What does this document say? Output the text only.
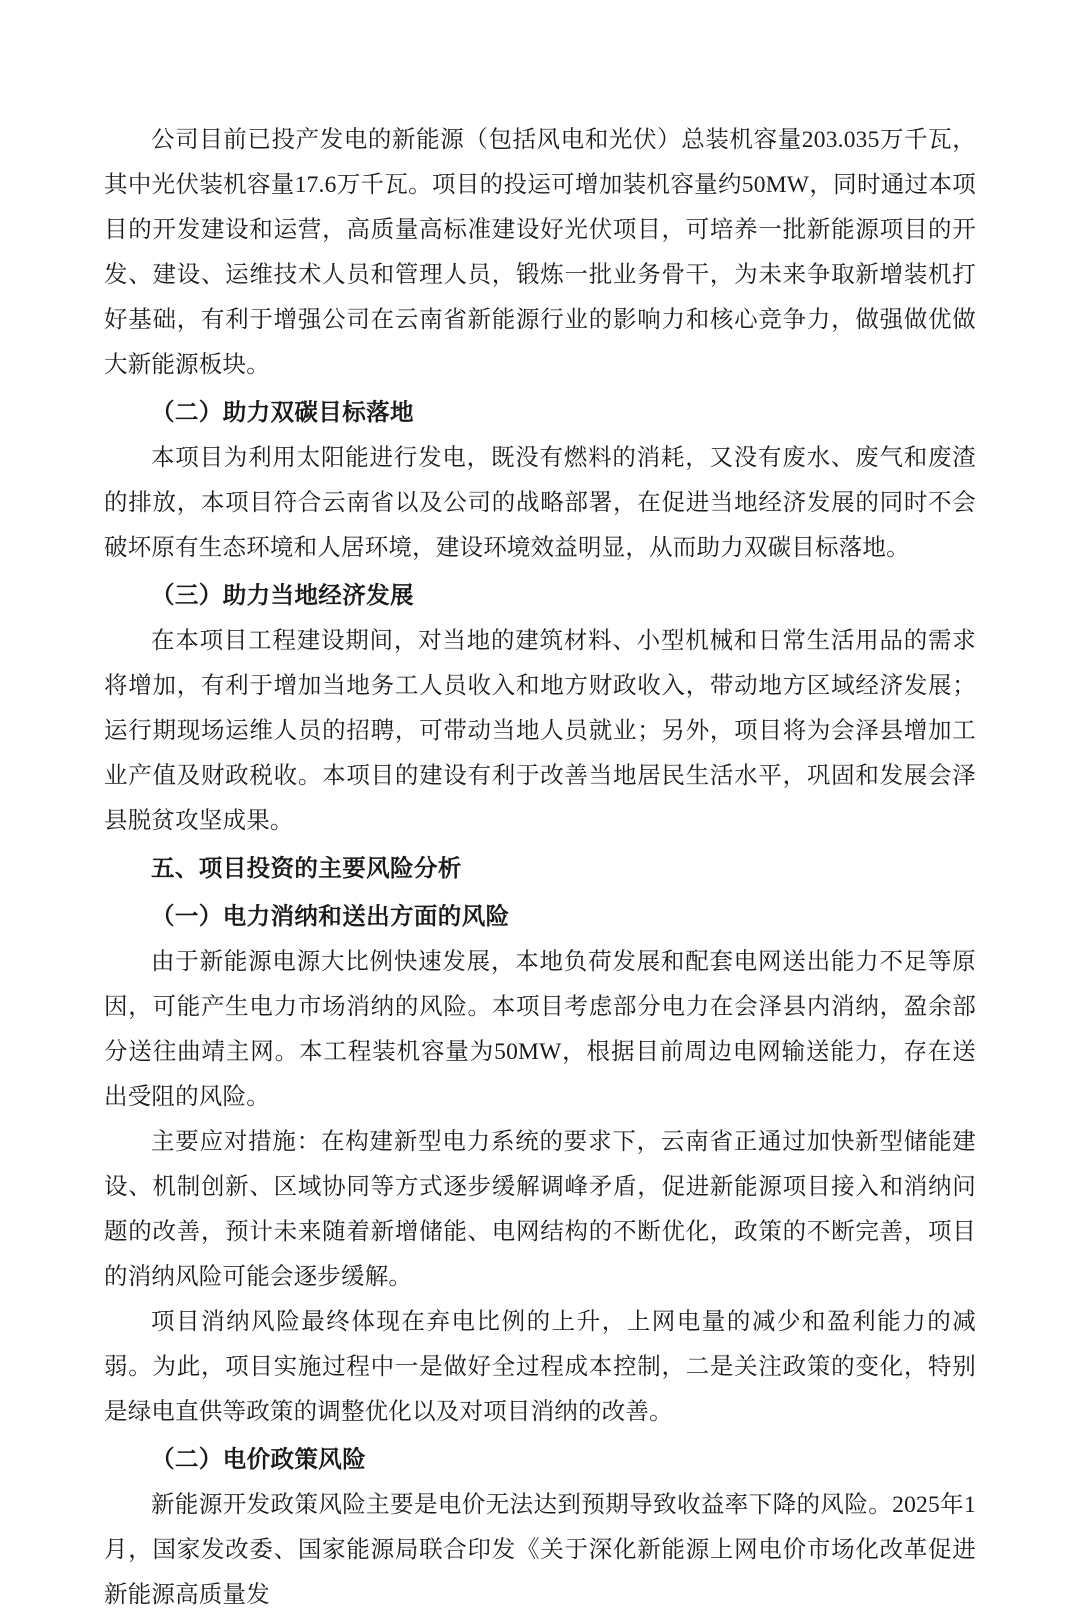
公司目前已投产发电的新能源（包括风电和光伏）总装机容量203.035万千瓦，其中光伏装机容量17.6万千瓦。项目的投运可增加装机容量约50MW，同时通过本项目的开发建设和运营，高质量高标准建设好光伏项目，可培养一批新能源项目的开发、建设、运维技术人员和管理人员，锻炼一批业务骨干，为未来争取新增装机打好基础，有利于增强公司在云南省新能源行业的影响力和核心竞争力，做强做优做大新能源板块。

（二）助力双碳目标落地

本项目为利用太阳能进行发电，既没有燃料的消耗，又没有废水、废气和废渣的排放，本项目符合云南省以及公司的战略部署，在促进当地经济发展的同时不会破坏原有生态环境和人居环境，建设环境效益明显，从而助力双碳目标落地。

（三）助力当地经济发展

在本项目工程建设期间，对当地的建筑材料、小型机械和日常生活用品的需求将增加，有利于增加当地务工人员收入和地方财政收入，带动地方区域经济发展；运行期现场运维人员的招聘，可带动当地人员就业；另外，项目将为会泽县增加工业产值及财政税收。本项目的建设有利于改善当地居民生活水平，巩固和发展会泽县脱贫攻坚成果。

五、项目投资的主要风险分析

（一）电力消纳和送出方面的风险

由于新能源电源大比例快速发展，本地负荷发展和配套电网送出能力不足等原因，可能产生电力市场消纳的风险。本项目考虑部分电力在会泽县内消纳，盈余部分送往曲靖主网。本工程装机容量为50MW，根据目前周边电网输送能力，存在送出受阻的风险。

主要应对措施：在构建新型电力系统的要求下，云南省正通过加快新型储能建设、机制创新、区域协同等方式逐步缓解调峰矛盾，促进新能源项目接入和消纳问题的改善，预计未来随着新增储能、电网结构的不断优化，政策的不断完善，项目的消纳风险可能会逐步缓解。

项目消纳风险最终体现在弃电比例的上升，上网电量的减少和盈利能力的减弱。为此，项目实施过程中一是做好全过程成本控制，二是关注政策的变化，特别是绿电直供等政策的调整优化以及对项目消纳的改善。

（二）电价政策风险

新能源开发政策风险主要是电价无法达到预期导致收益率下降的风险。2025年1月，国家发改委、国家能源局联合印发《关于深化新能源上网电价市场化改革促进新能源高质量发
